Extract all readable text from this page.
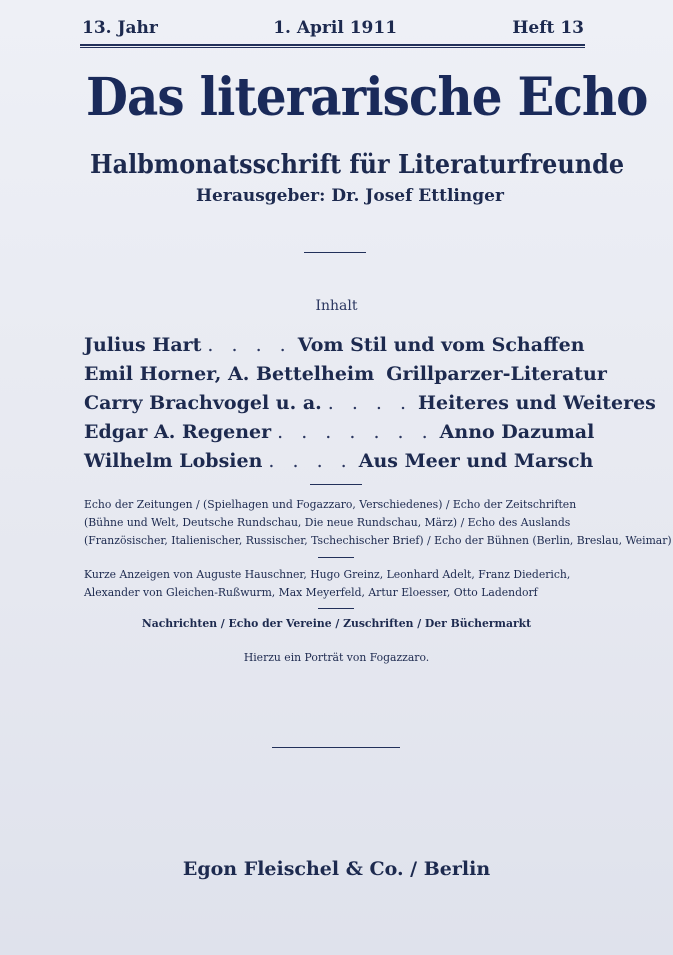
13. Jahr	1. April 1911	Heft 13
Das literarische Echo
Halbmonatsschrift für Literaturfreunde
Herausgeber: Dr. Josef Ettlinger
Inhalt
Julius Hart . . . . Vom Stil und vom Schaffen
Emil Horner, A. Bettelheim Grillparzer-Literatur
Carry Brachvogel u. a. . . . . Heiteres und Weiteres
Edgar A. Regener . . . . . . . Anno Dazumal
Wilhelm Lobsien . . . . Aus Meer und Marsch
Echo der Zeitungen / (Spielhagen und Fogazzaro, Verschiedenes) / Echo der Zeitschriften
(Bühne und Welt, Deutsche Rundschau, Die neue Rundschau, März) / Echo des Auslands
(Französischer, Italienischer, Russischer, Tschechischer Brief) / Echo der Bühnen (Berlin, Breslau, Weimar)
Kurze Anzeigen von Auguste Hauschner, Hugo Greinz, Leonhard Adelt, Franz Diederich,
Alexander von Gleichen-Rußwurm, Max Meyerfeld, Artur Eloesser, Otto Ladendorf
Nachrichten / Echo der Vereine / Zuschriften / Der Büchermarkt
Hierzu ein Porträt von Fogazzaro.
Egon Fleischel & Co. / Berlin
